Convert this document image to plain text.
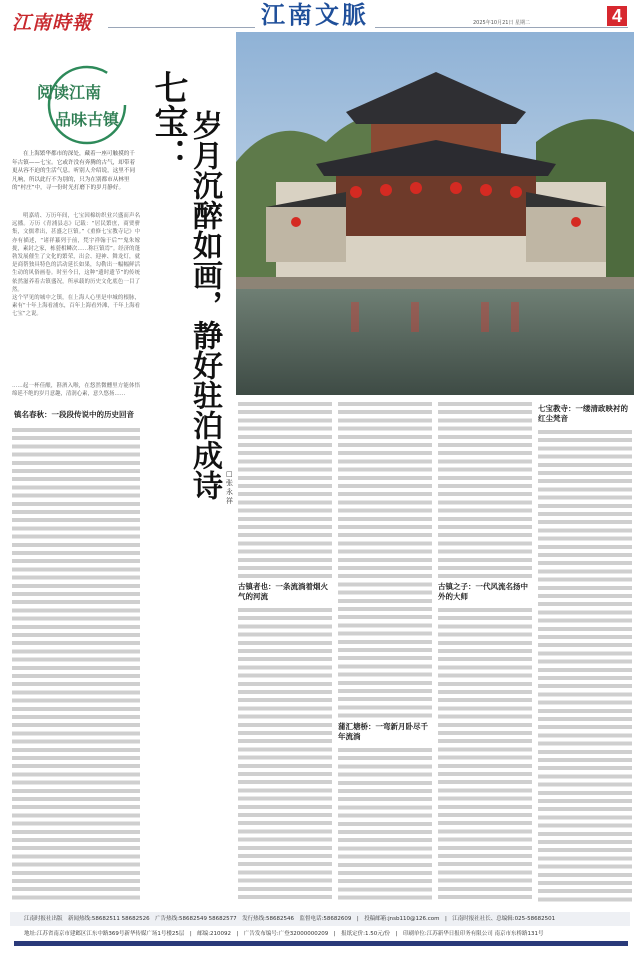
江南時報	江南文脈	2025年10月21日 星期二	4
阅读江南
品味古镇
在上海繁华都市的深处，藏着一座可触摸的千年古镇——七宝。它或许没有奔腾的古气，却带着更从容不迫的生活气息。听别人介绍说，这里不同凡响，所以此行不为别的，只为在别都市从林里的“村庄”中，寻一份时光打磨下的岁月静好。
明嘉靖、万历年间，七宝因棉纺织业兴盛而声名远播。万历《青浦县志》记载：“居民繁庶，商贾骈集，文儒辈出，甚盛之巨镇。”《重修七宝教寺记》中亦有描述，“诸祥纂列于前，梵宇祥翰于后”“鬼朱嫁拢，素封之家，栋甍相鳞次……称巨镇焉”。经济的蓬勃发展催生了文化的繁荣，出会、迎神、舞龙灯，就是商帮独具特色的活动延长如果，勾勒出一幅幅鲜活生动的风俗画卷。时至今日，这种“遗时遗节”的传统依然滋养着古镇盛况，所承载的历史文化底色一目了然。
这个罕见的城中之镇，在上海人心里是申城的根脉，素有“十年上海看浦东，百年上海看外滩，千年上海看七宝”之说。
……起一杯佳酿，斟酒入喉，在悠然微醺里方能体悟绵延不绝的岁月意趣，清润心素，意久悠扬……
镇名春秋：一段段传说中的历史回音
七宝： 岁月沉醉如画，静好驻泊成诗 □张永祥
古镇者也：一条流淌着烟火气的河流
蒲汇塘桥：一弯新月卧尽千年流淌
古镇之子：一代风流名扬中外的大师
七宝教寺：一缕清政映衬的红尘梵音
江南时报社出版　新闻热线:58682511 58682526　广告热线:58682549 58682577　发行热线:58682546　监督电话:58682609　|　投稿邮箱:jnsb110@126.com　|　江南时报社社长、总编辑:025-58682501
地址:江苏省南京市建邺区江东中路369号新华传媒广场1号楼25层　|　邮编:210092　|　广告发布编号:广登32000000209　|　报纸定价:1.50元/份　|　印刷单位:江苏新华日报印务有限公司 南京市东桥路131号
